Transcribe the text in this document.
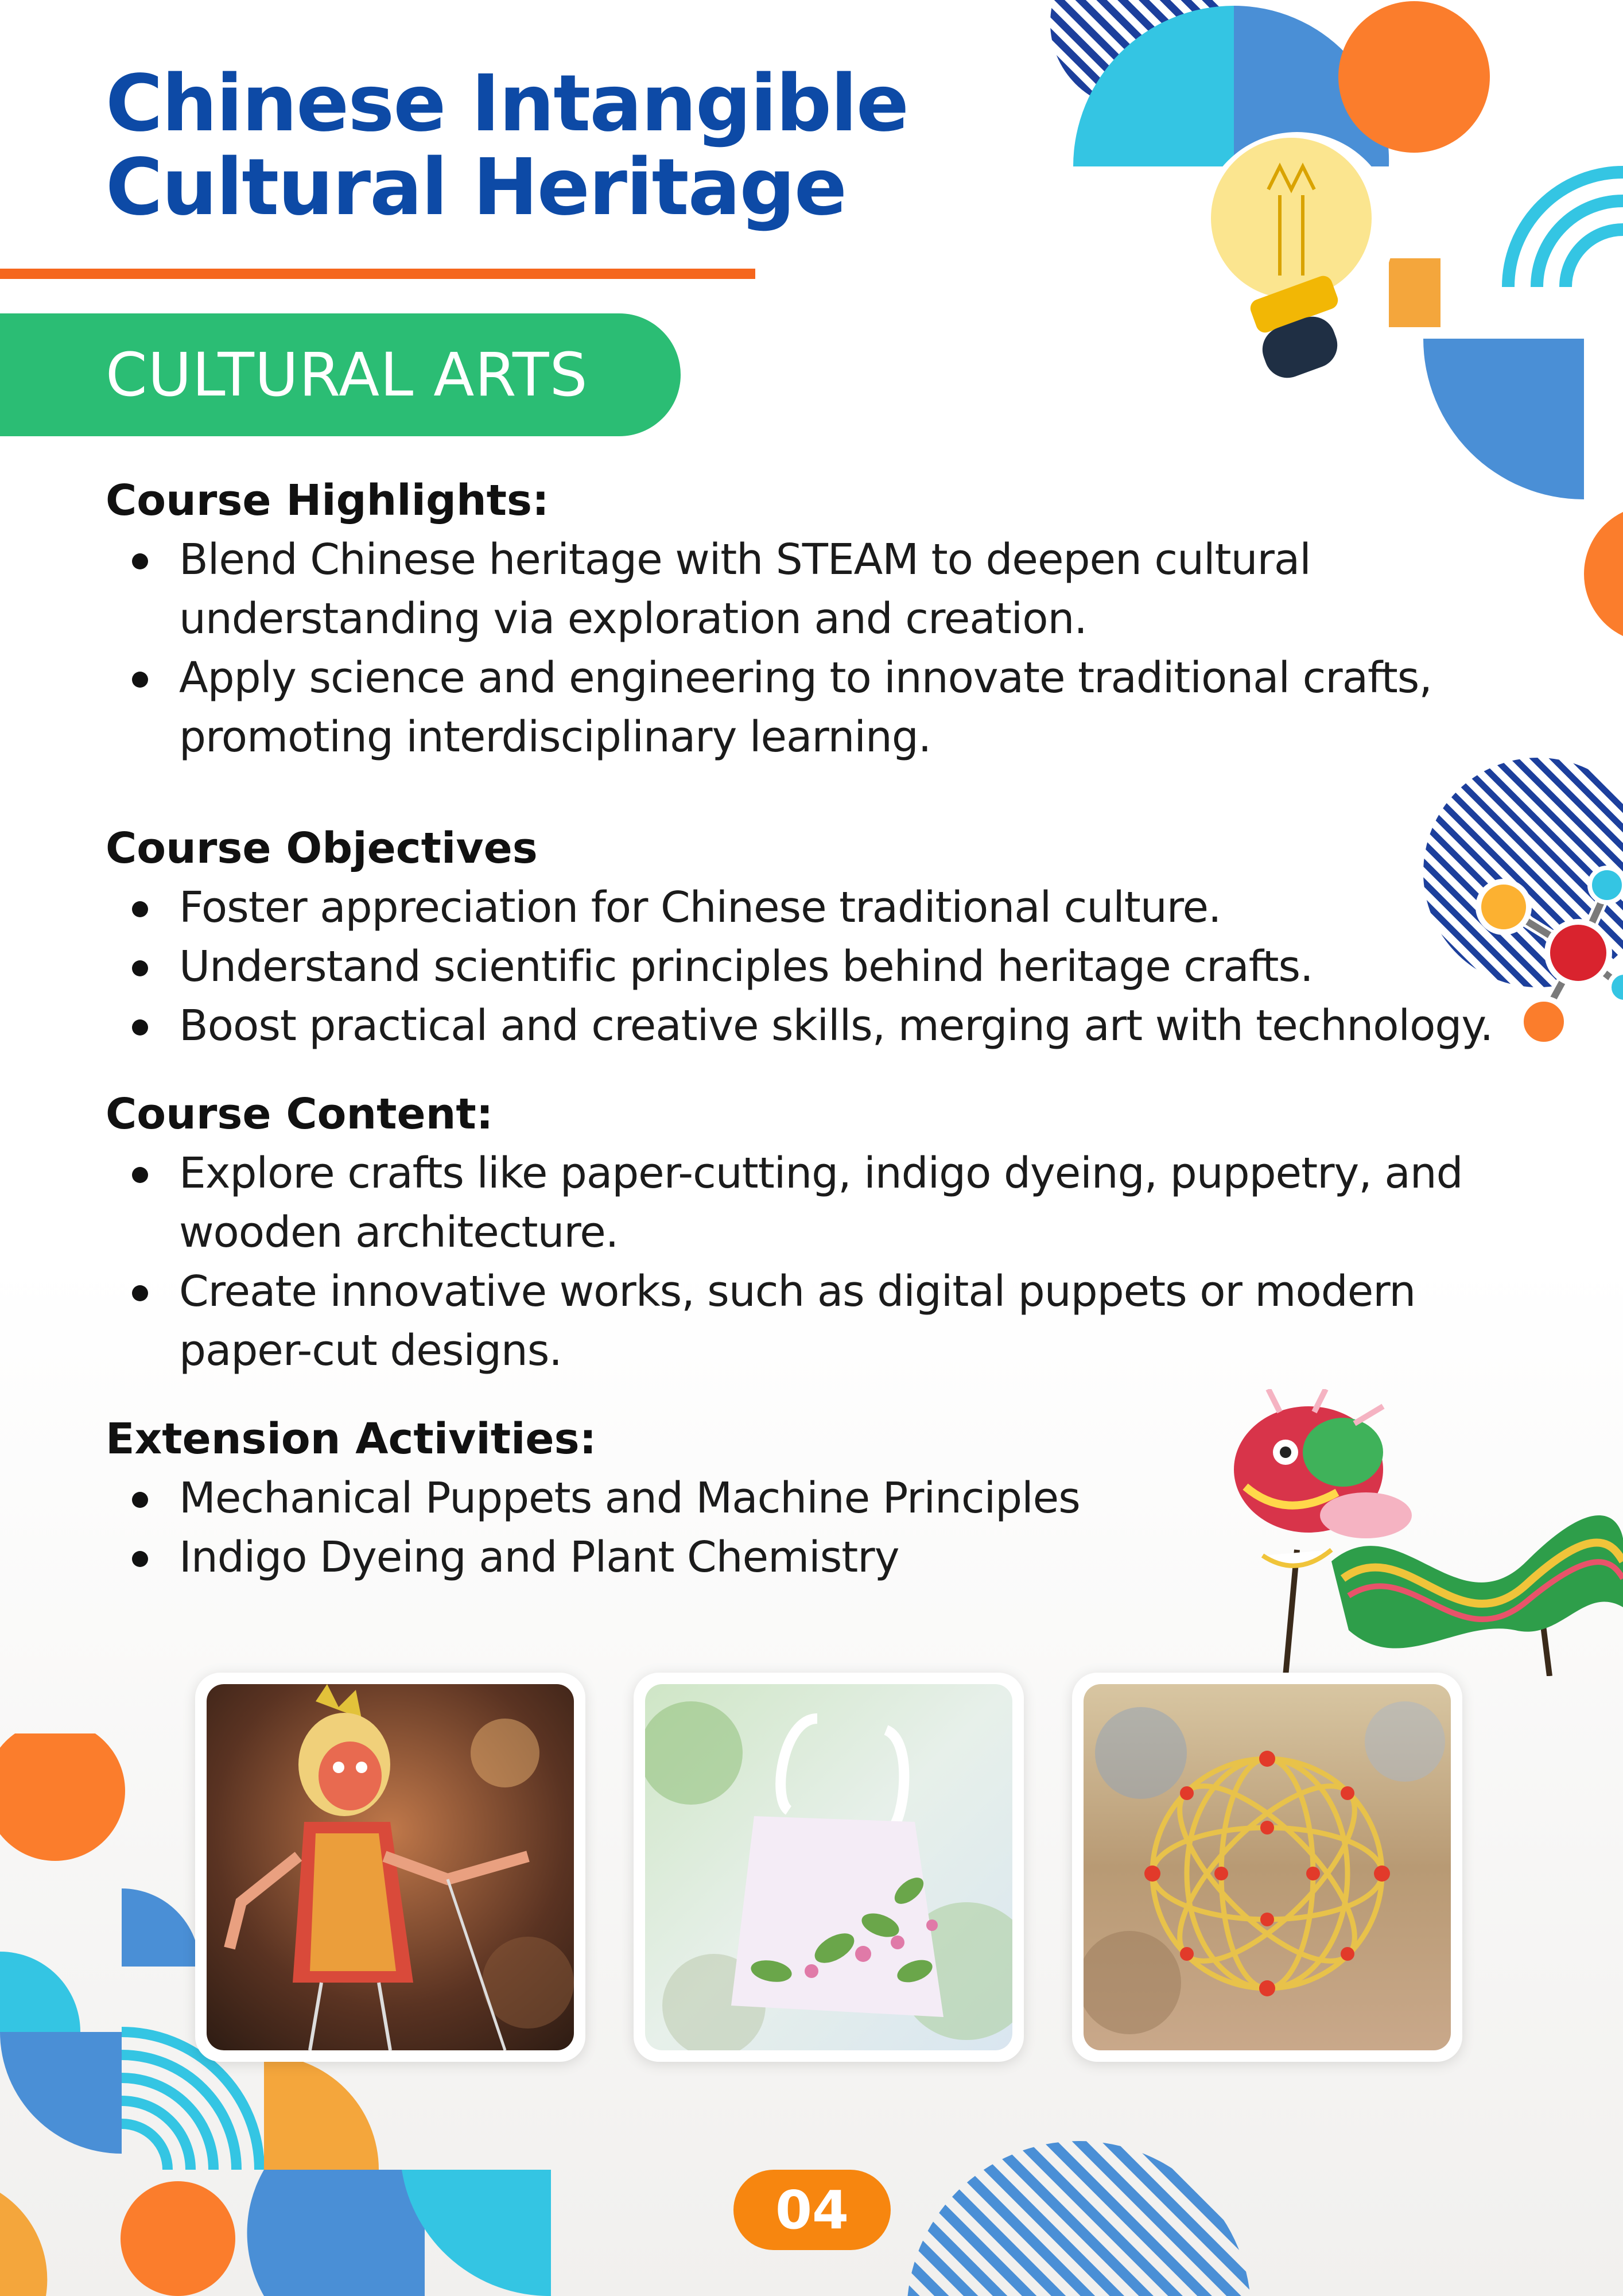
Chinese Intangible
Cultural Heritage
CULTURAL ARTS
Course Highlights:
Blend Chinese heritage with STEAM to deepen cultural understanding via exploration and creation.
Apply science and engineering to innovate traditional crafts, promoting interdisciplinary learning.
Course Objectives
Foster appreciation for Chinese traditional culture.
Understand scientific principles behind heritage crafts.
Boost practical and creative skills, merging art with technology.
Course Content:
Explore crafts like paper-cutting, indigo dyeing, puppetry, and wooden architecture.
Create innovative works, such as digital puppets or modern paper-cut designs.
Extension Activities:
Mechanical Puppets and Machine Principles
Indigo Dyeing and Plant Chemistry
04
